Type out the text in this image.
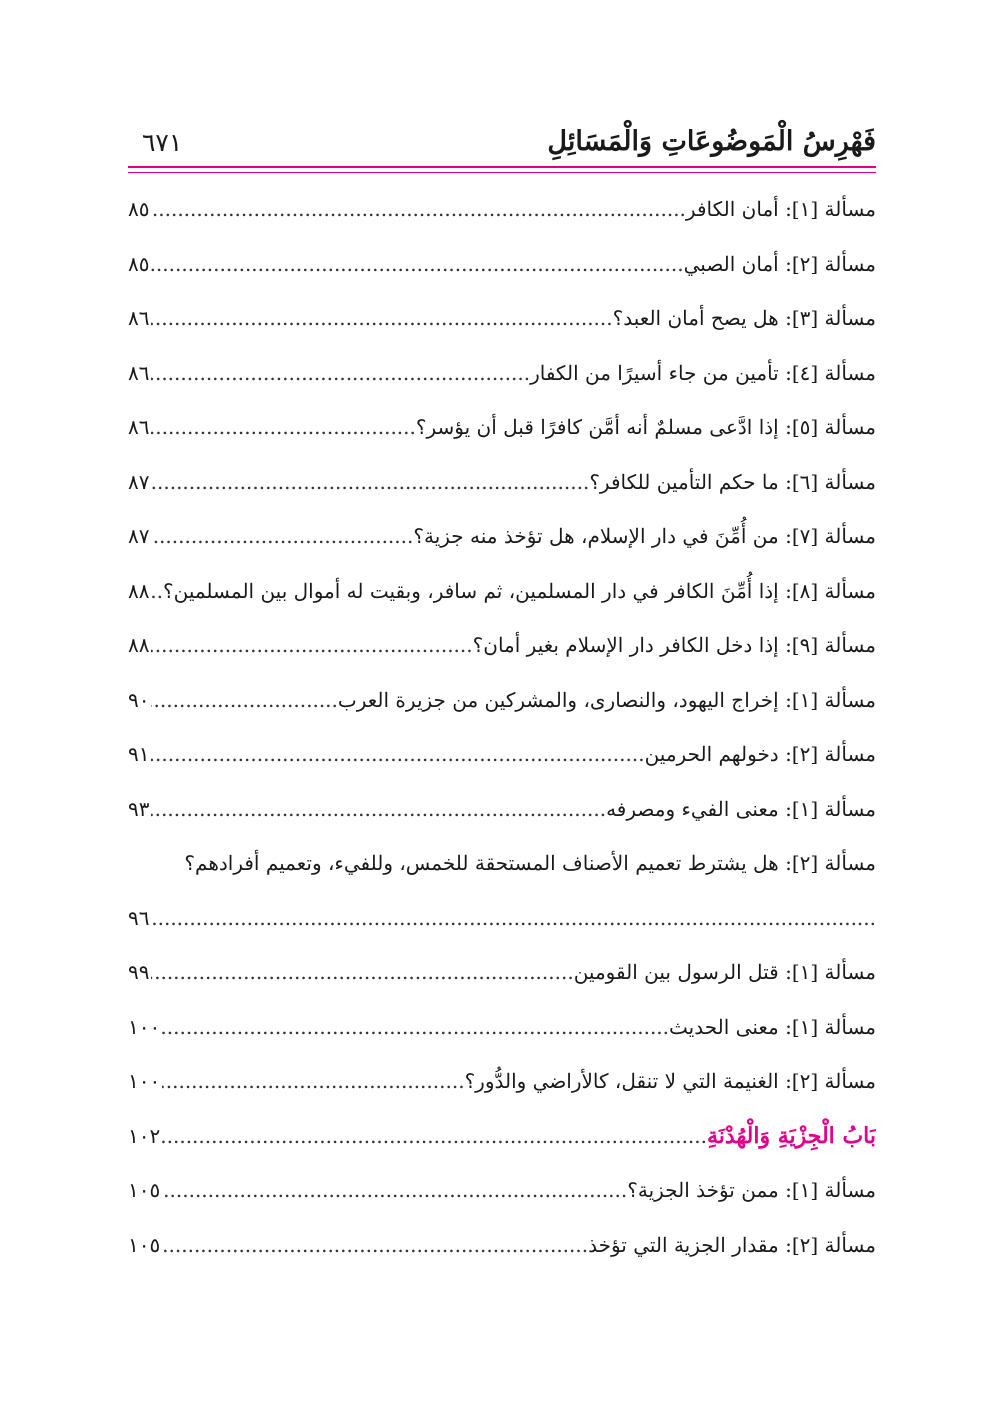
فَهْرِسُ الْمَوضُوعَاتِ وَالْمَسَائِلِ
٦٧١
مسألة [١]: أمان الكافر
.....
٨٥
مسألة [٢]: أمان الصبي
.....
٨٥
مسألة [٣]: هل يصح أمان العبد؟
.....
٨٦
مسألة [٤]: تأمين من جاء أسيرًا من الكفار
.....
٨٦
مسألة [٥]: إذا ادَّعى مسلمٌ أنه أمَّن كافرًا قبل أن يؤسر؟
.....
٨٦
مسألة [٦]: ما حكم التأمين للكافر؟
.....
٨٧
مسألة [٧]: من أُمِّنَ في دار الإسلام، هل تؤخذ منه جزية؟
.....
٨٧
مسألة [٨]: إذا أُمِّنَ الكافر في دار المسلمين، ثم سافر، وبقيت له أموال بين المسلمين؟
.....
٨٨
مسألة [٩]: إذا دخل الكافر دار الإسلام بغير أمان؟
.....
٨٨
مسألة [١]: إخراج اليهود، والنصارى، والمشركين من جزيرة العرب
.....
٩٠
مسألة [٢]: دخولهم الحرمين
.....
٩١
مسألة [١]: معنى الفيء ومصرفه
.....
٩٣
مسألة [٢]: هل يشترط تعميم الأصناف المستحقة للخمس، وللفيء، وتعميم أفرادهم؟
.....
٩٦
مسألة [١]: قتل الرسول بين القومين
.....
٩٩
مسألة [١]: معنى الحديث
.....
١٠٠
مسألة [٢]: الغنيمة التي لا تنقل، كالأراضي والدُّور؟
.....
١٠٠
بَابُ الْجِزْيَةِ وَالْهُدْنَةِ
.....
١٠٢
مسألة [١]: ممن تؤخذ الجزية؟
.....
١٠٥
مسألة [٢]: مقدار الجزية التي تؤخذ
.....
١٠٥
